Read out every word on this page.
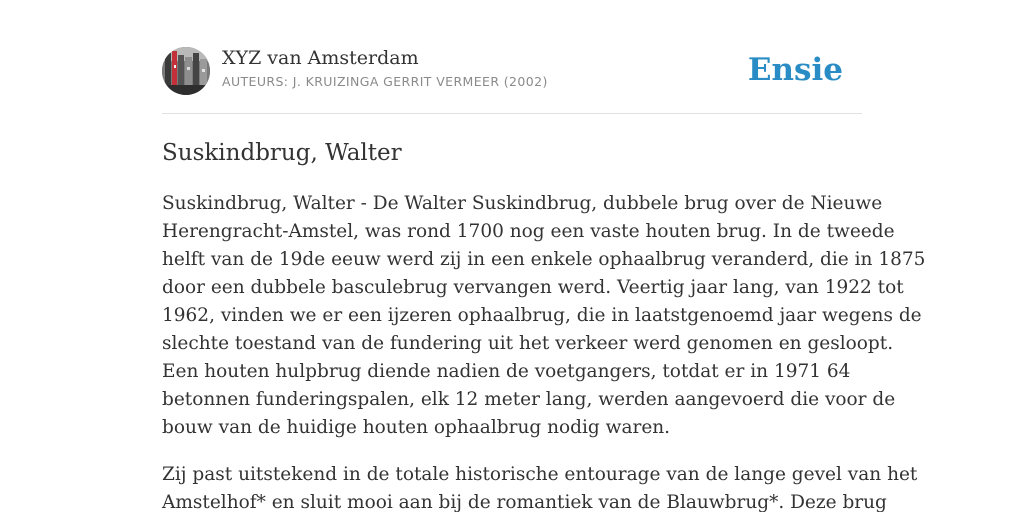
XYZ van Amsterdam
AUTEURS: J. KRUIZINGA GERRIT VERMEER (2002)	Ensie
Suskindbrug, Walter

Suskindbrug, Walter - De Walter Suskindbrug, dubbele brug over de Nieuwe
Herengracht-Amstel, was rond 1700 nog een vaste houten brug. In de tweede
helft van de 19de eeuw werd zij in een enkele ophaalbrug veranderd, die in 1875
door een dubbele basculebrug vervangen werd. Veertig jaar lang, van 1922 tot
1962, vinden we er een ijzeren ophaalbrug, die in laatstgenoemd jaar wegens de
slechte toestand van de fundering uit het verkeer werd genomen en gesloopt.
Een houten hulpbrug diende nadien de voetgangers, totdat er in 1971 64
betonnen funderingspalen, elk 12 meter lang, werden aangevoerd die voor de
bouw van de huidige houten ophaalbrug nodig waren.

Zij past uitstekend in de totale historische entourage van de lange gevel van het
Amstelhof* en sluit mooi aan bij de romantiek van de Blauwbrug*. Deze brug
